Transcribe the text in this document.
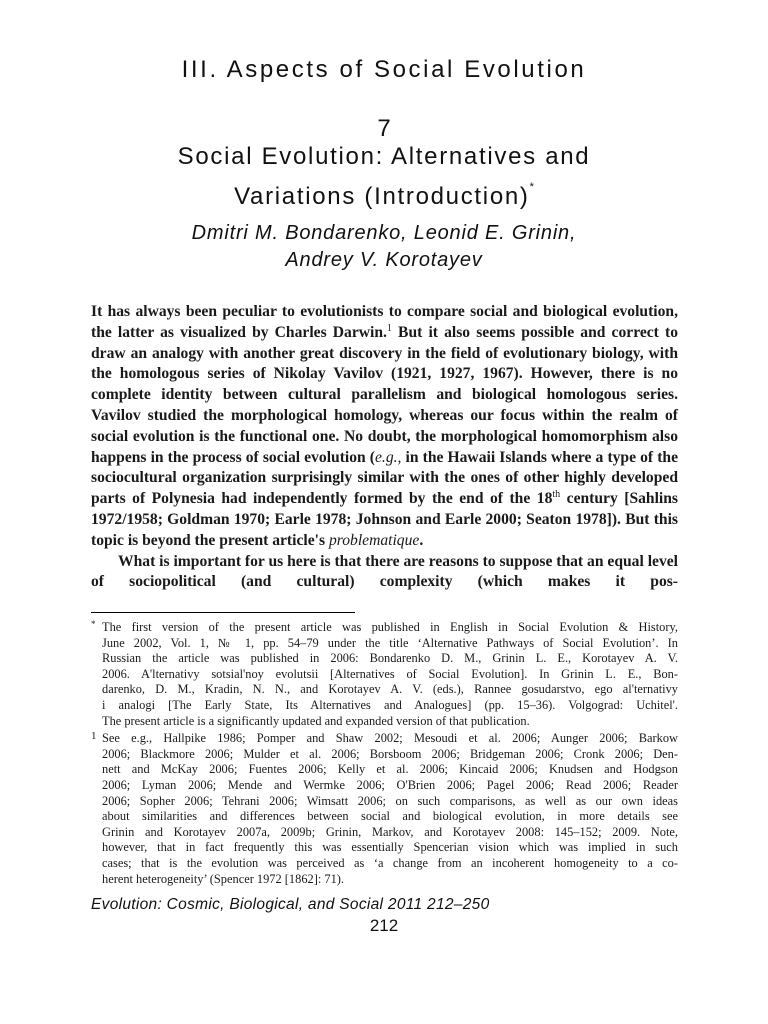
III. Aspects of Social Evolution
7
Social Evolution: Alternatives and
Variations (Introduction)*
Dmitri M. Bondarenko, Leonid E. Grinin,
Andrey V. Korotayev

It has always been peculiar to evolutionists to compare social and biological evolution, the latter as visualized by Charles Darwin.$^1$ But it also seems possible and correct to draw an analogy with another great discovery in the field of evolutionary biology, with the homologous series of Nikolay Vavilov (1921, 1927, 1967). However, there is no complete identity between cultural parallelism and biological homologous series. Vavilov studied the morphological homology, whereas our focus within the realm of social evolution is the functional one. No doubt, the morphological homomorphism also happens in the process of social evolution (e.g., in the Hawaii Islands where a type of the sociocultural organization surprisingly similar with the ones of other highly developed parts of Polynesia had independently formed by the end of the 18th century [Sahlins 1972/1958; Goldman 1970; Earle 1978; Johnson and Earle 2000; Seaton 1978]). But this topic is beyond the present article's problematique.

What is important for us here is that there are reasons to suppose that an equal level of sociopolitical (and cultural) complexity (which makes it pos-

* The first version of the present article was published in English in Social Evolution & History,
June 2002, Vol. 1, № 1, pp. 54–79 under the title ‘Alternative Pathways of Social Evolution’. In
Russian the article was published in 2006: Bondarenko D. M., Grinin L. E., Korotayev A. V.
2006. A'lternativy sotsial'noy evolutsii [Alternatives of Social Evolution]. In Grinin L. E., Bon-
darenko, D. M., Kradin, N. N., and Korotayev A. V. (eds.), Rannee gosudarstvo, ego al'ternativy
i analogi [The Early State, Its Alternatives and Analogues] (pp. 15–36). Volgograd: Uchitel'.
The present article is a significantly updated and expanded version of that publication.
1 See e.g., Hallpike 1986; Pomper and Shaw 2002; Mesoudi et al. 2006; Aunger 2006; Barkow
2006; Blackmore 2006; Mulder et al. 2006; Borsboom 2006; Bridgeman 2006; Cronk 2006; Den-
nett and McKay 2006; Fuentes 2006; Kelly et al. 2006; Kincaid 2006; Knudsen and Hodgson
2006; Lyman 2006; Mende and Wermke 2006; O'Brien 2006; Pagel 2006; Read 2006; Reader
2006; Sopher 2006; Tehrani 2006; Wimsatt 2006; on such comparisons, as well as our own ideas
about similarities and differences between social and biological evolution, in more details see
Grinin and Korotayev 2007a, 2009b; Grinin, Markov, and Korotayev 2008: 145–152; 2009. Note,
however, that in fact frequently this was essentially Spencerian vision which was implied in such
cases; that is the evolution was perceived as ‘a change from an incoherent homogeneity to a co-
herent heterogeneity’ (Spencer 1972 [1862]: 71).
Evolution: Cosmic, Biological, and Social 2011 212–250
212
